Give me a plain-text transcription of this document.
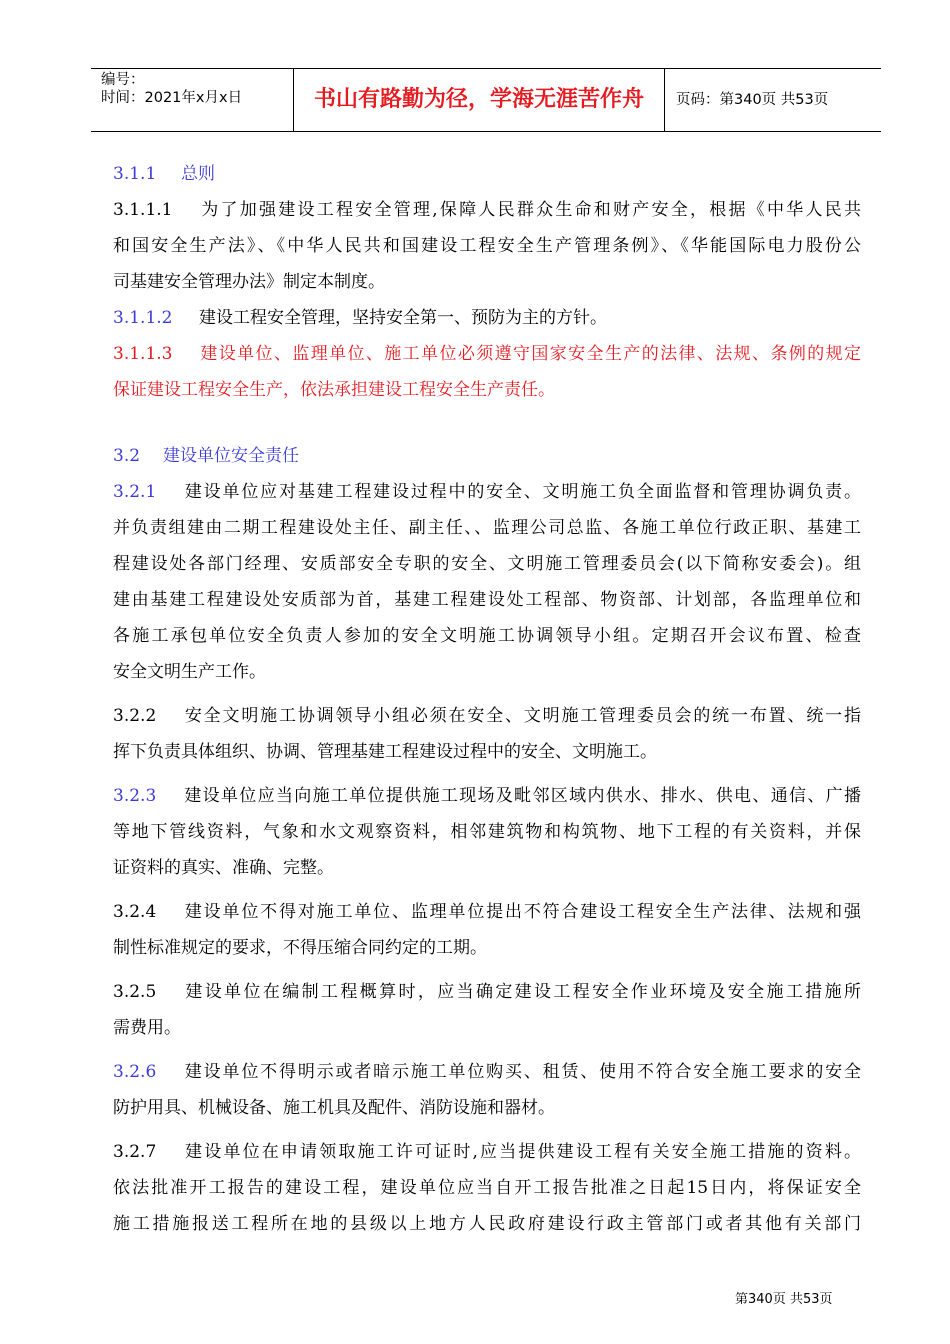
编号：
时间：2021年x月x日	书山有路勤为径，学海无涯苦作舟	页码：第340页 共53页
3.1.1 总则
3.1.1.1 为了加强建设工程安全管理,保障人民群众生命和财产安全，根据《中华人民共
和国安全生产法》、《中华人民共和国建设工程安全生产管理条例》、《华能国际电力股份公
司基建安全管理办法》制定本制度。
3.1.1.2 建设工程安全管理，坚持安全第一、预防为主的方针。
3.1.1.3 建设单位、监理单位、施工单位必须遵守国家安全生产的法律、法规、条例的规定
保证建设工程安全生产，依法承担建设工程安全生产责任。
3.2 建设单位安全责任
3.2.1 建设单位应对基建工程建设过程中的安全、文明施工负全面监督和管理协调负责。
并负责组建由二期工程建设处主任、副主任、、监理公司总监、各施工单位行政正职、基建工
程建设处各部门经理、安质部安全专职的安全、文明施工管理委员会(以下简称安委会)。组
建由基建工程建设处安质部为首，基建工程建设处工程部、物资部、计划部，各监理单位和
各施工承包单位安全负责人参加的安全文明施工协调领导小组。定期召开会议布置、检查
安全文明生产工作。
3.2.2 安全文明施工协调领导小组必须在安全、文明施工管理委员会的统一布置、统一指
挥下负责具体组织、协调、管理基建工程建设过程中的安全、文明施工。
3.2.3 建设单位应当向施工单位提供施工现场及毗邻区域内供水、排水、供电、通信、广播
等地下管线资料，气象和水文观察资料，相邻建筑物和构筑物、地下工程的有关资料，并保
证资料的真实、准确、完整。
3.2.4 建设单位不得对施工单位、监理单位提出不符合建设工程安全生产法律、法规和强
制性标准规定的要求，不得压缩合同约定的工期。
3.2.5 建设单位在编制工程概算时，应当确定建设工程安全作业环境及安全施工措施所
需费用。
3.2.6 建设单位不得明示或者暗示施工单位购买、租赁、使用不符合安全施工要求的安全
防护用具、机械设备、施工机具及配件、消防设施和器材。
3.2.7 建设单位在申请领取施工许可证时,应当提供建设工程有关安全施工措施的资料。
依法批准开工报告的建设工程，建设单位应当自开工报告批准之日起15日内，将保证安全
施工措施报送工程所在地的县级以上地方人民政府建设行政主管部门或者其他有关部门
第340页 共53页
